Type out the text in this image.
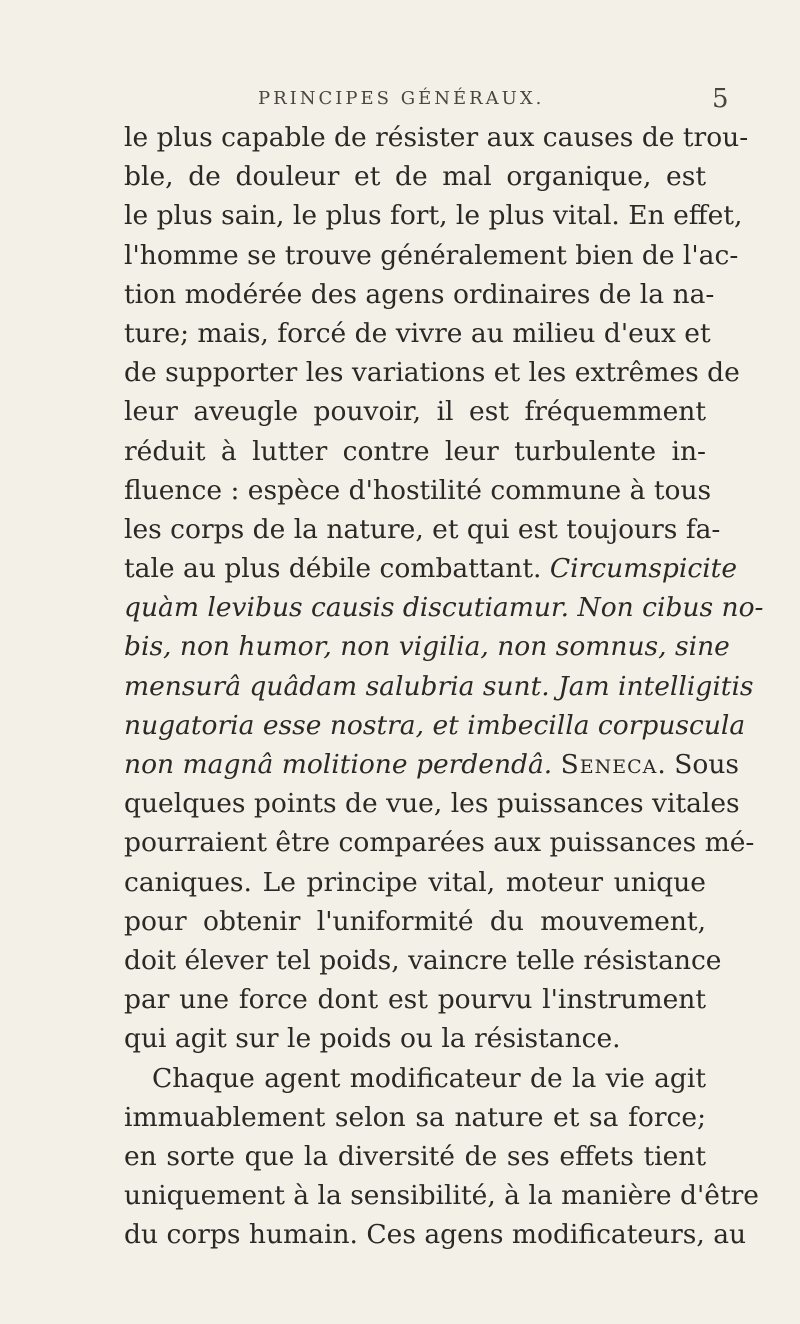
PRINCIPES GÉNÉRAUX.	5
le plus capable de résister aux causes de trou-
ble, de douleur et de mal organique, est
le plus sain, le plus fort, le plus vital. En effet,
l'homme se trouve généralement bien de l'ac-
tion modérée des agens ordinaires de la na-
ture; mais, forcé de vivre au milieu d'eux et
de supporter les variations et les extrêmes de
leur aveugle pouvoir, il est fréquemment
réduit à lutter contre leur turbulente in-
fluence : espèce d'hostilité commune à tous
les corps de la nature, et qui est toujours fa-
tale au plus débile combattant. Circumspicite
quàm levibus causis discutiamur. Non cibus no-
bis, non humor, non vigilia, non somnus, sine
mensurâ quâdam salubria sunt. Jam intelligitis
nugatoria esse nostra, et imbecilla corpuscula
non magnâ molitione perdendâ. Seneca. Sous
quelques points de vue, les puissances vitales
pourraient être comparées aux puissances mé-
caniques. Le principe vital, moteur unique
pour obtenir l'uniformité du mouvement,
doit élever tel poids, vaincre telle résistance
par une force dont est pourvu l'instrument
qui agit sur le poids ou la résistance.
Chaque agent modificateur de la vie agit
immuablement selon sa nature et sa force;
en sorte que la diversité de ses effets tient
uniquement à la sensibilité, à la manière d'être
du corps humain. Ces agens modificateurs, au
